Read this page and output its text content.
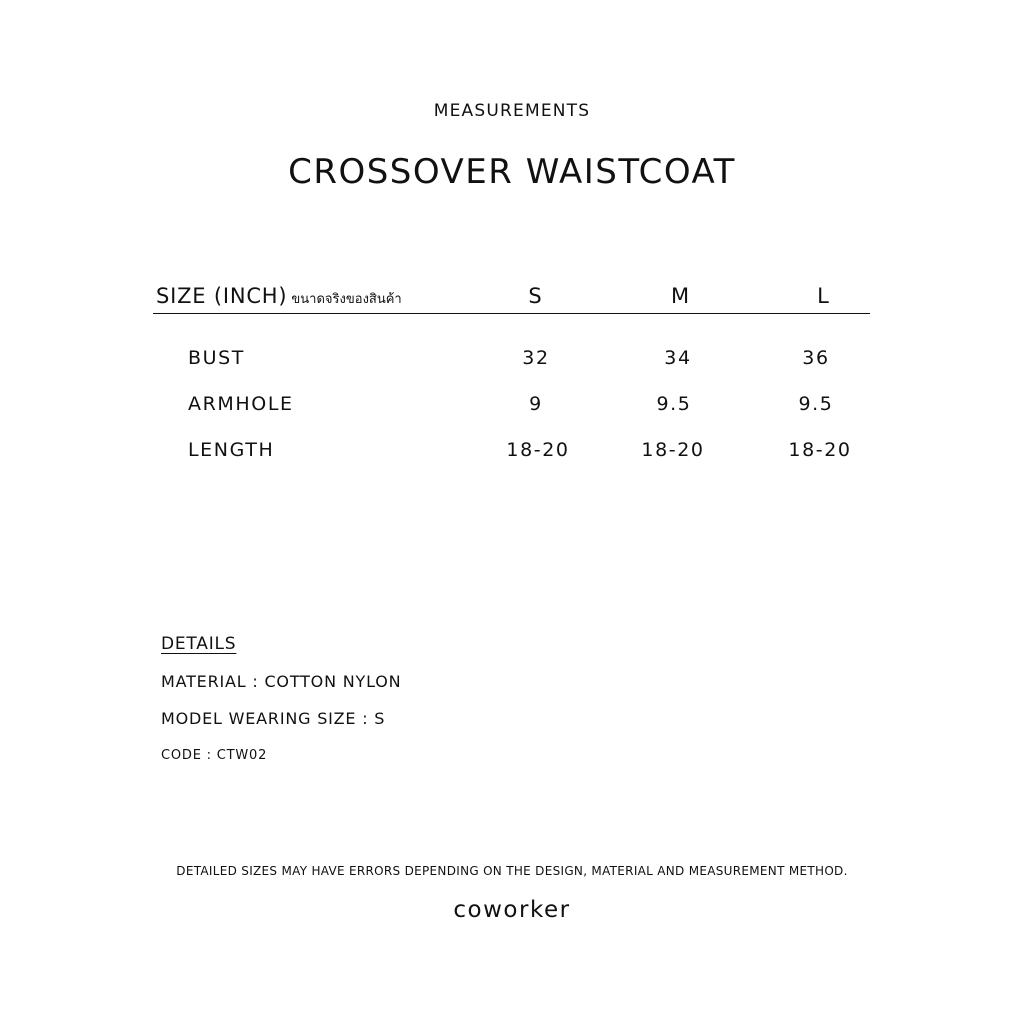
MEASUREMENTS
CROSSOVER WAISTCOAT
SIZE (INCH) ขนาดจริงของสินค้า	S	M	L
BUST	32	34	36
ARMHOLE	9	9.5	9.5
LENGTH	18-20	18-20	18-20
DETAILS
MATERIAL : COTTON NYLON
MODEL WEARING SIZE : S
CODE : CTW02
DETAILED SIZES MAY HAVE ERRORS DEPENDING ON THE DESIGN, MATERIAL AND MEASUREMENT METHOD.
coworker
